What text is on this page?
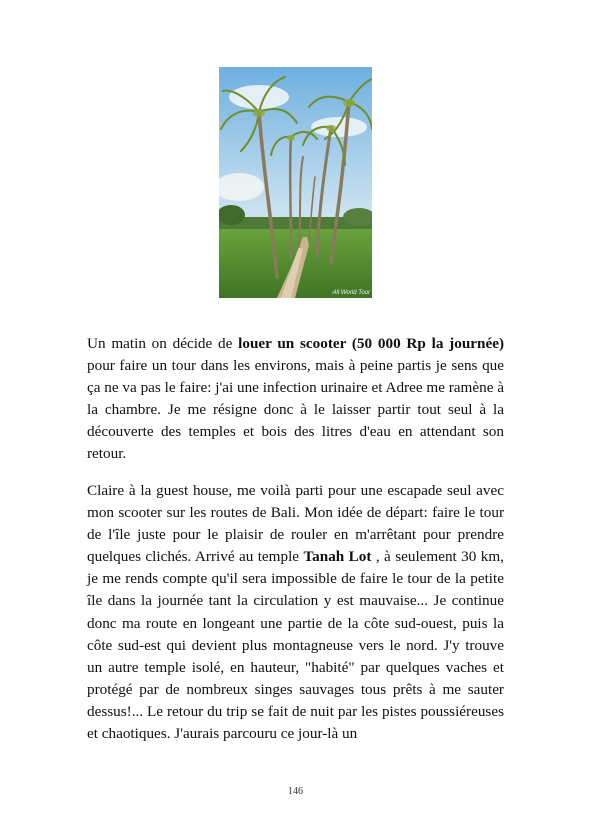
All World Tour

Un matin on décide de louer un scooter (50 000 Rp la journée) pour faire un tour dans les environs, mais à peine partis je sens que ça ne va pas le faire: j'ai une infection urinaire et Adree me ramène à la chambre. Je me résigne donc à le laisser partir tout seul à la découverte des temples et bois des litres d'eau en attendant son retour.

Claire à la guest house, me voilà parti pour une escapade seul avec mon scooter sur les routes de Bali. Mon idée de départ: faire le tour de l'île juste pour le plaisir de rouler en m'arrêtant pour prendre quelques clichés. Arrivé au temple Tanah Lot , à seulement 30 km, je me rends compte qu'il sera impossible de faire le tour de la petite île dans la journée tant la circulation y est mauvaise... Je continue donc ma route en longeant une partie de la côte sud-ouest, puis la côte sud-est qui devient plus montagneuse vers le nord. J'y trouve un autre temple isolé, en hauteur, "habité" par quelques vaches et protégé par de nombreux singes sauvages tous prêts à me sauter dessus!... Le retour du trip se fait de nuit par les pistes poussiéreuses et chaotiques. J'aurais parcouru ce jour-là un

146
